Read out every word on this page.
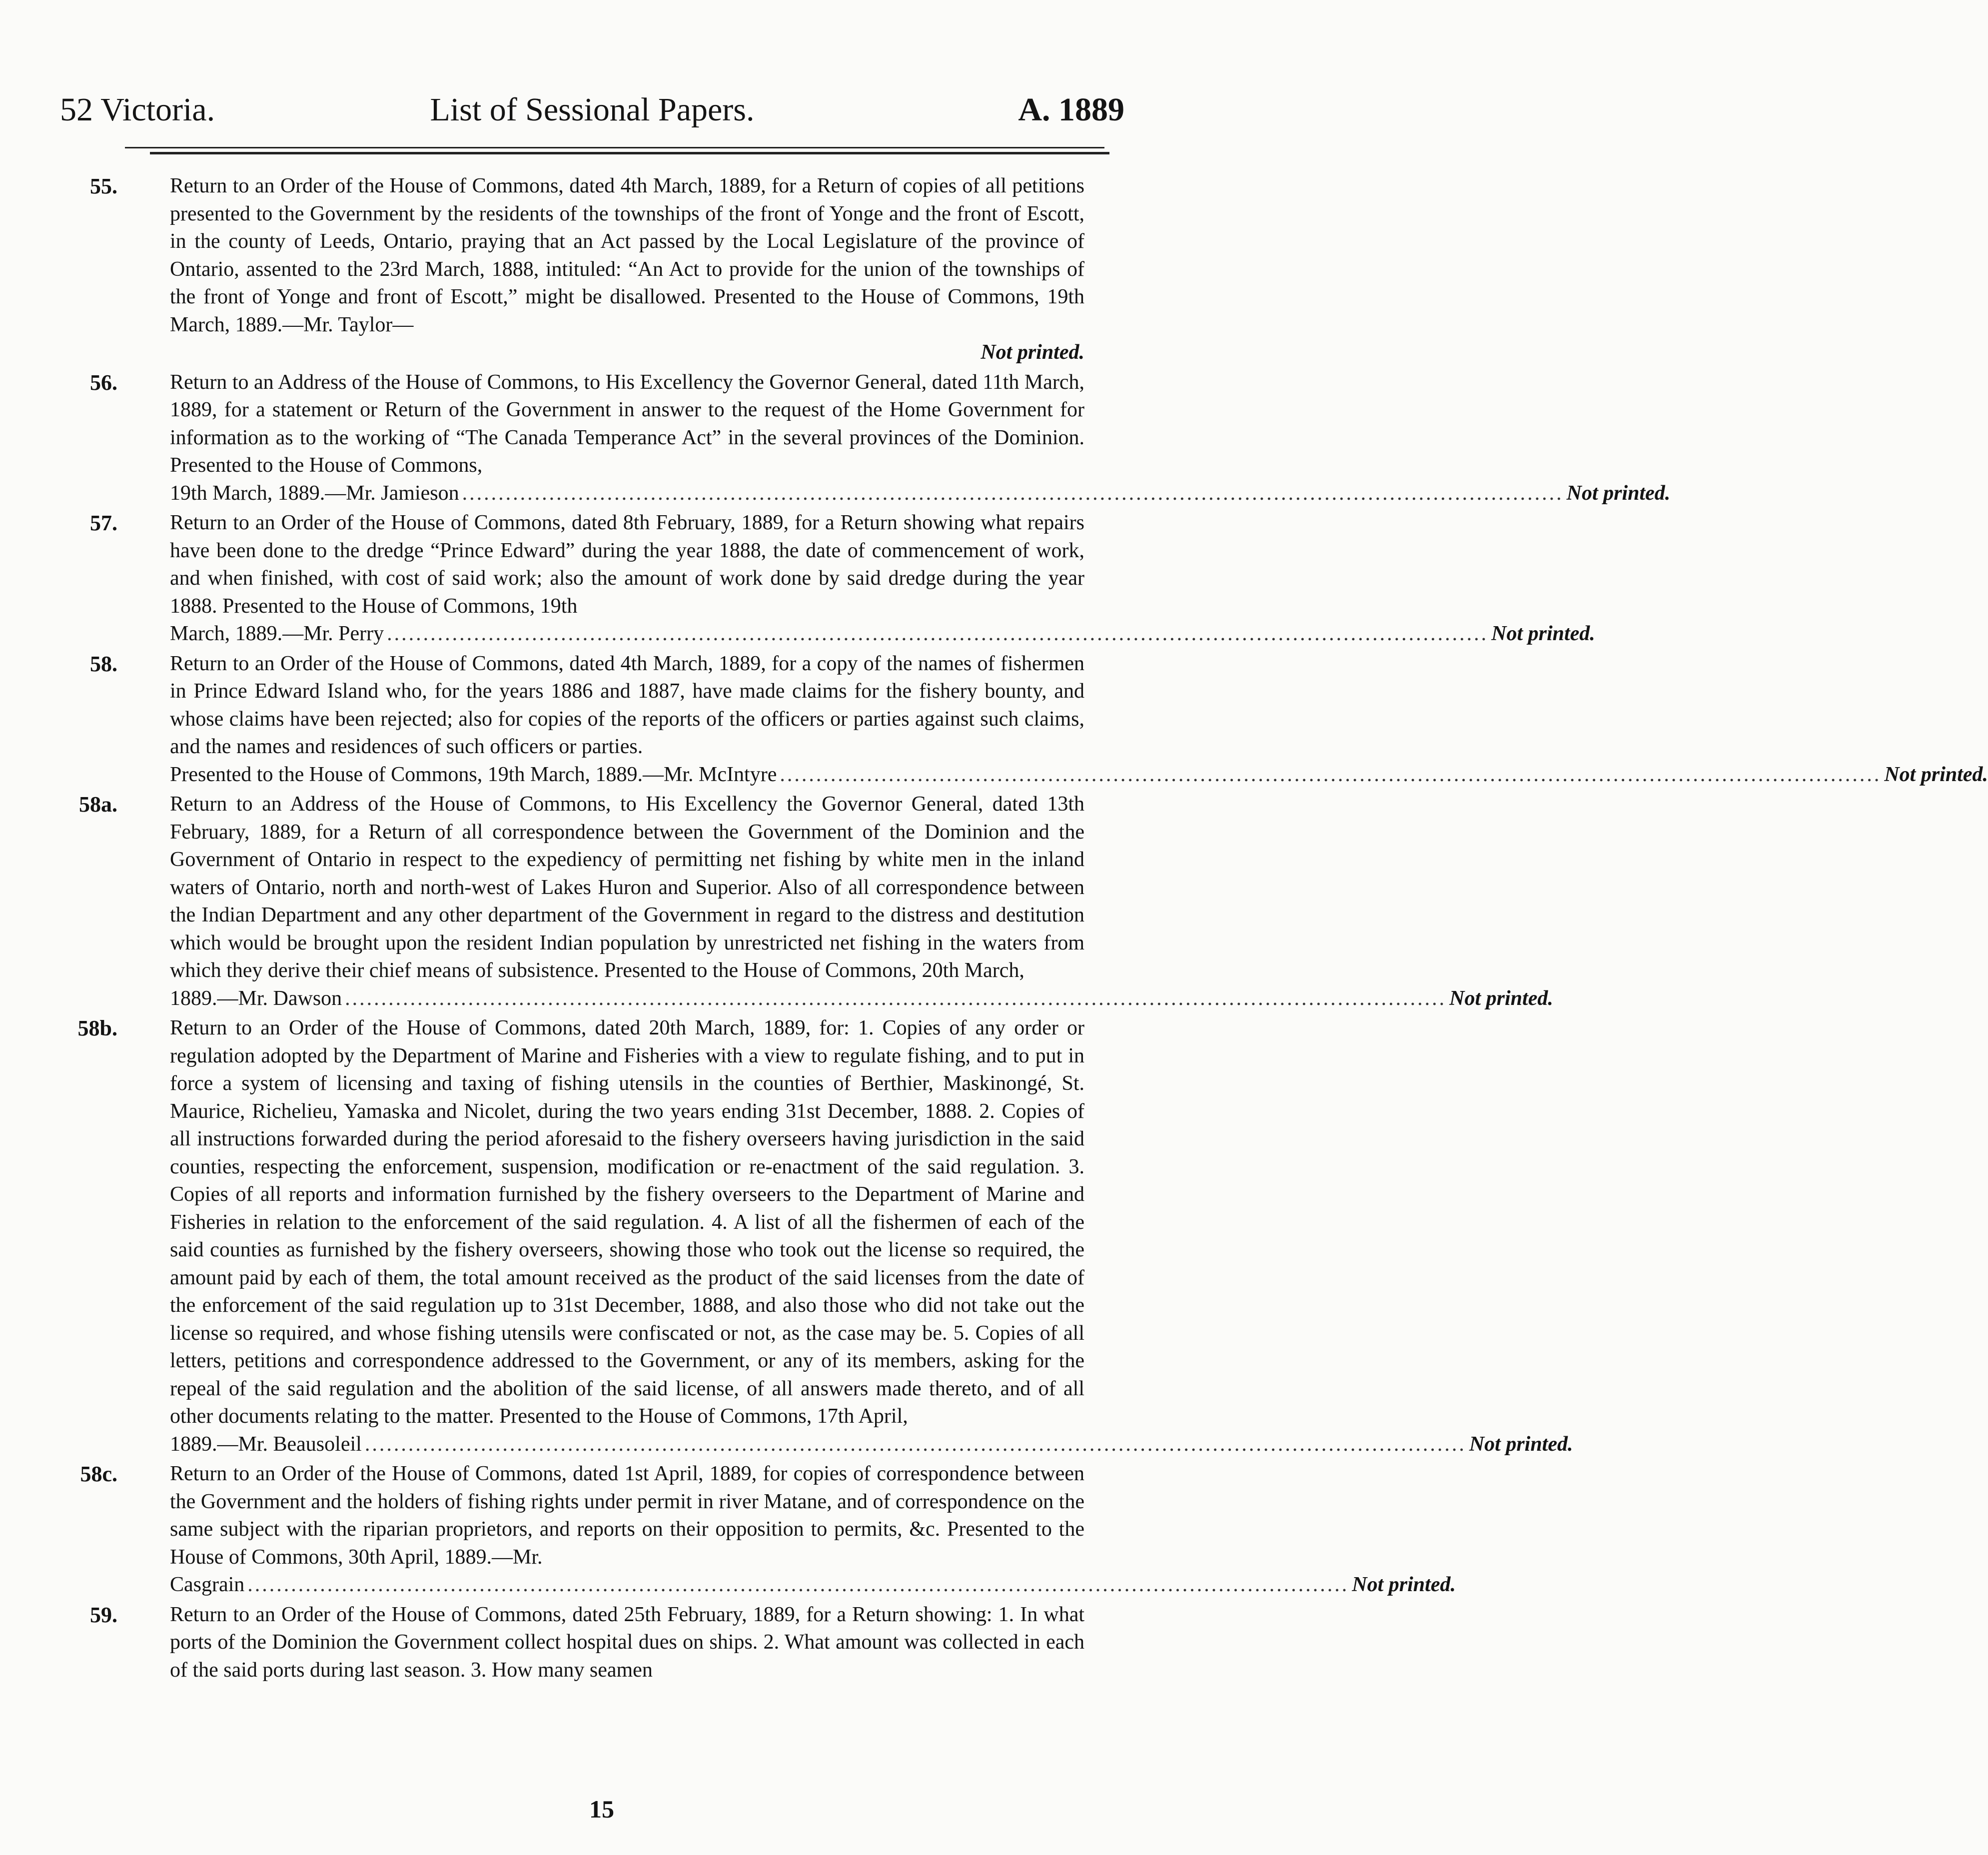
52 Victoria.	List of Sessional Papers.	A. 1889
55.	Return to an Order of the House of Commons, dated 4th March, 1889, for a Return of copies of all petitions presented to the Government by the residents of the townships of the front of Yonge and the front of Escott, in the county of Leeds, Ontario, praying that an Act passed by the Local Legislature of the province of Ontario, assented to the 23rd March, 1888, intituled: “An Act to provide for the union of the townships of the front of Yonge and front of Escott,” might be disallowed. Presented to the House of Commons, 19th March, 1889.—Mr. Taylor—
Not printed.
56.	Return to an Address of the House of Commons, to His Excellency the Governor General, dated 11th March, 1889, for a statement or Return of the Government in answer to the request of the Home Government for information as to the working of “The Canada Temperance Act” in the several provinces of the Dominion. Presented to the House of Commons,
19th March, 1889.—Mr. Jamieson ........................................................................................................................................................ Not printed.
57.	Return to an Order of the House of Commons, dated 8th February, 1889, for a Return showing what repairs have been done to the dredge “Prince Edward” during the year 1888, the date of commencement of work, and when finished, with cost of said work; also the amount of work done by said dredge during the year 1888. Presented to the House of Commons, 19th
March, 1889.—Mr. Perry ........................................................................................................................................................ Not printed.
58.	Return to an Order of the House of Commons, dated 4th March, 1889, for a copy of the names of fishermen in Prince Edward Island who, for the years 1886 and 1887, have made claims for the fishery bounty, and whose claims have been rejected; also for copies of the reports of the officers or parties against such claims, and the names and residences of such officers or parties.
Presented to the House of Commons, 19th March, 1889.—Mr. McIntyre ........................................................................................................................................................ Not printed.
58a.	Return to an Address of the House of Commons, to His Excellency the Governor General, dated 13th February, 1889, for a Return of all correspondence between the Government of the Dominion and the Government of Ontario in respect to the expediency of permitting net fishing by white men in the inland waters of Ontario, north and north-west of Lakes Huron and Superior. Also of all correspondence between the Indian Department and any other department of the Government in regard to the distress and destitution which would be brought upon the resident Indian population by unrestricted net fishing in the waters from which they derive their chief means of subsistence. Presented to the House of Commons, 20th March,
1889.—Mr. Dawson ........................................................................................................................................................ Not printed.
58b.	Return to an Order of the House of Commons, dated 20th March, 1889, for: 1. Copies of any order or regulation adopted by the Department of Marine and Fisheries with a view to regulate fishing, and to put in force a system of licensing and taxing of fishing utensils in the counties of Berthier, Maskinongé, St. Maurice, Richelieu, Yamaska and Nicolet, during the two years ending 31st December, 1888. 2. Copies of all instructions forwarded during the period aforesaid to the fishery overseers having jurisdiction in the said counties, respecting the enforcement, suspension, modification or re-enactment of the said regulation. 3. Copies of all reports and information furnished by the fishery overseers to the Department of Marine and Fisheries in relation to the enforcement of the said regulation. 4. A list of all the fishermen of each of the said counties as furnished by the fishery overseers, showing those who took out the license so required, the amount paid by each of them, the total amount received as the product of the said licenses from the date of the enforcement of the said regulation up to 31st December, 1888, and also those who did not take out the license so required, and whose fishing utensils were confiscated or not, as the case may be. 5. Copies of all letters, petitions and correspondence addressed to the Government, or any of its members, asking for the repeal of the said regulation and the abolition of the said license, of all answers made thereto, and of all other documents relating to the matter. Presented to the House of Commons, 17th April,
1889.—Mr. Beausoleil ........................................................................................................................................................ Not printed.
58c.	Return to an Order of the House of Commons, dated 1st April, 1889, for copies of correspondence between the Government and the holders of fishing rights under permit in river Matane, and of correspondence on the same subject with the riparian proprietors, and reports on their opposition to permits, &c. Presented to the House of Commons, 30th April, 1889.—Mr.
Casgrain ........................................................................................................................................................ Not printed.
59.	Return to an Order of the House of Commons, dated 25th February, 1889, for a Return showing: 1. In what ports of the Dominion the Government collect hospital dues on ships. 2. What amount was collected in each of the said ports during last season. 3. How many seamen
15
